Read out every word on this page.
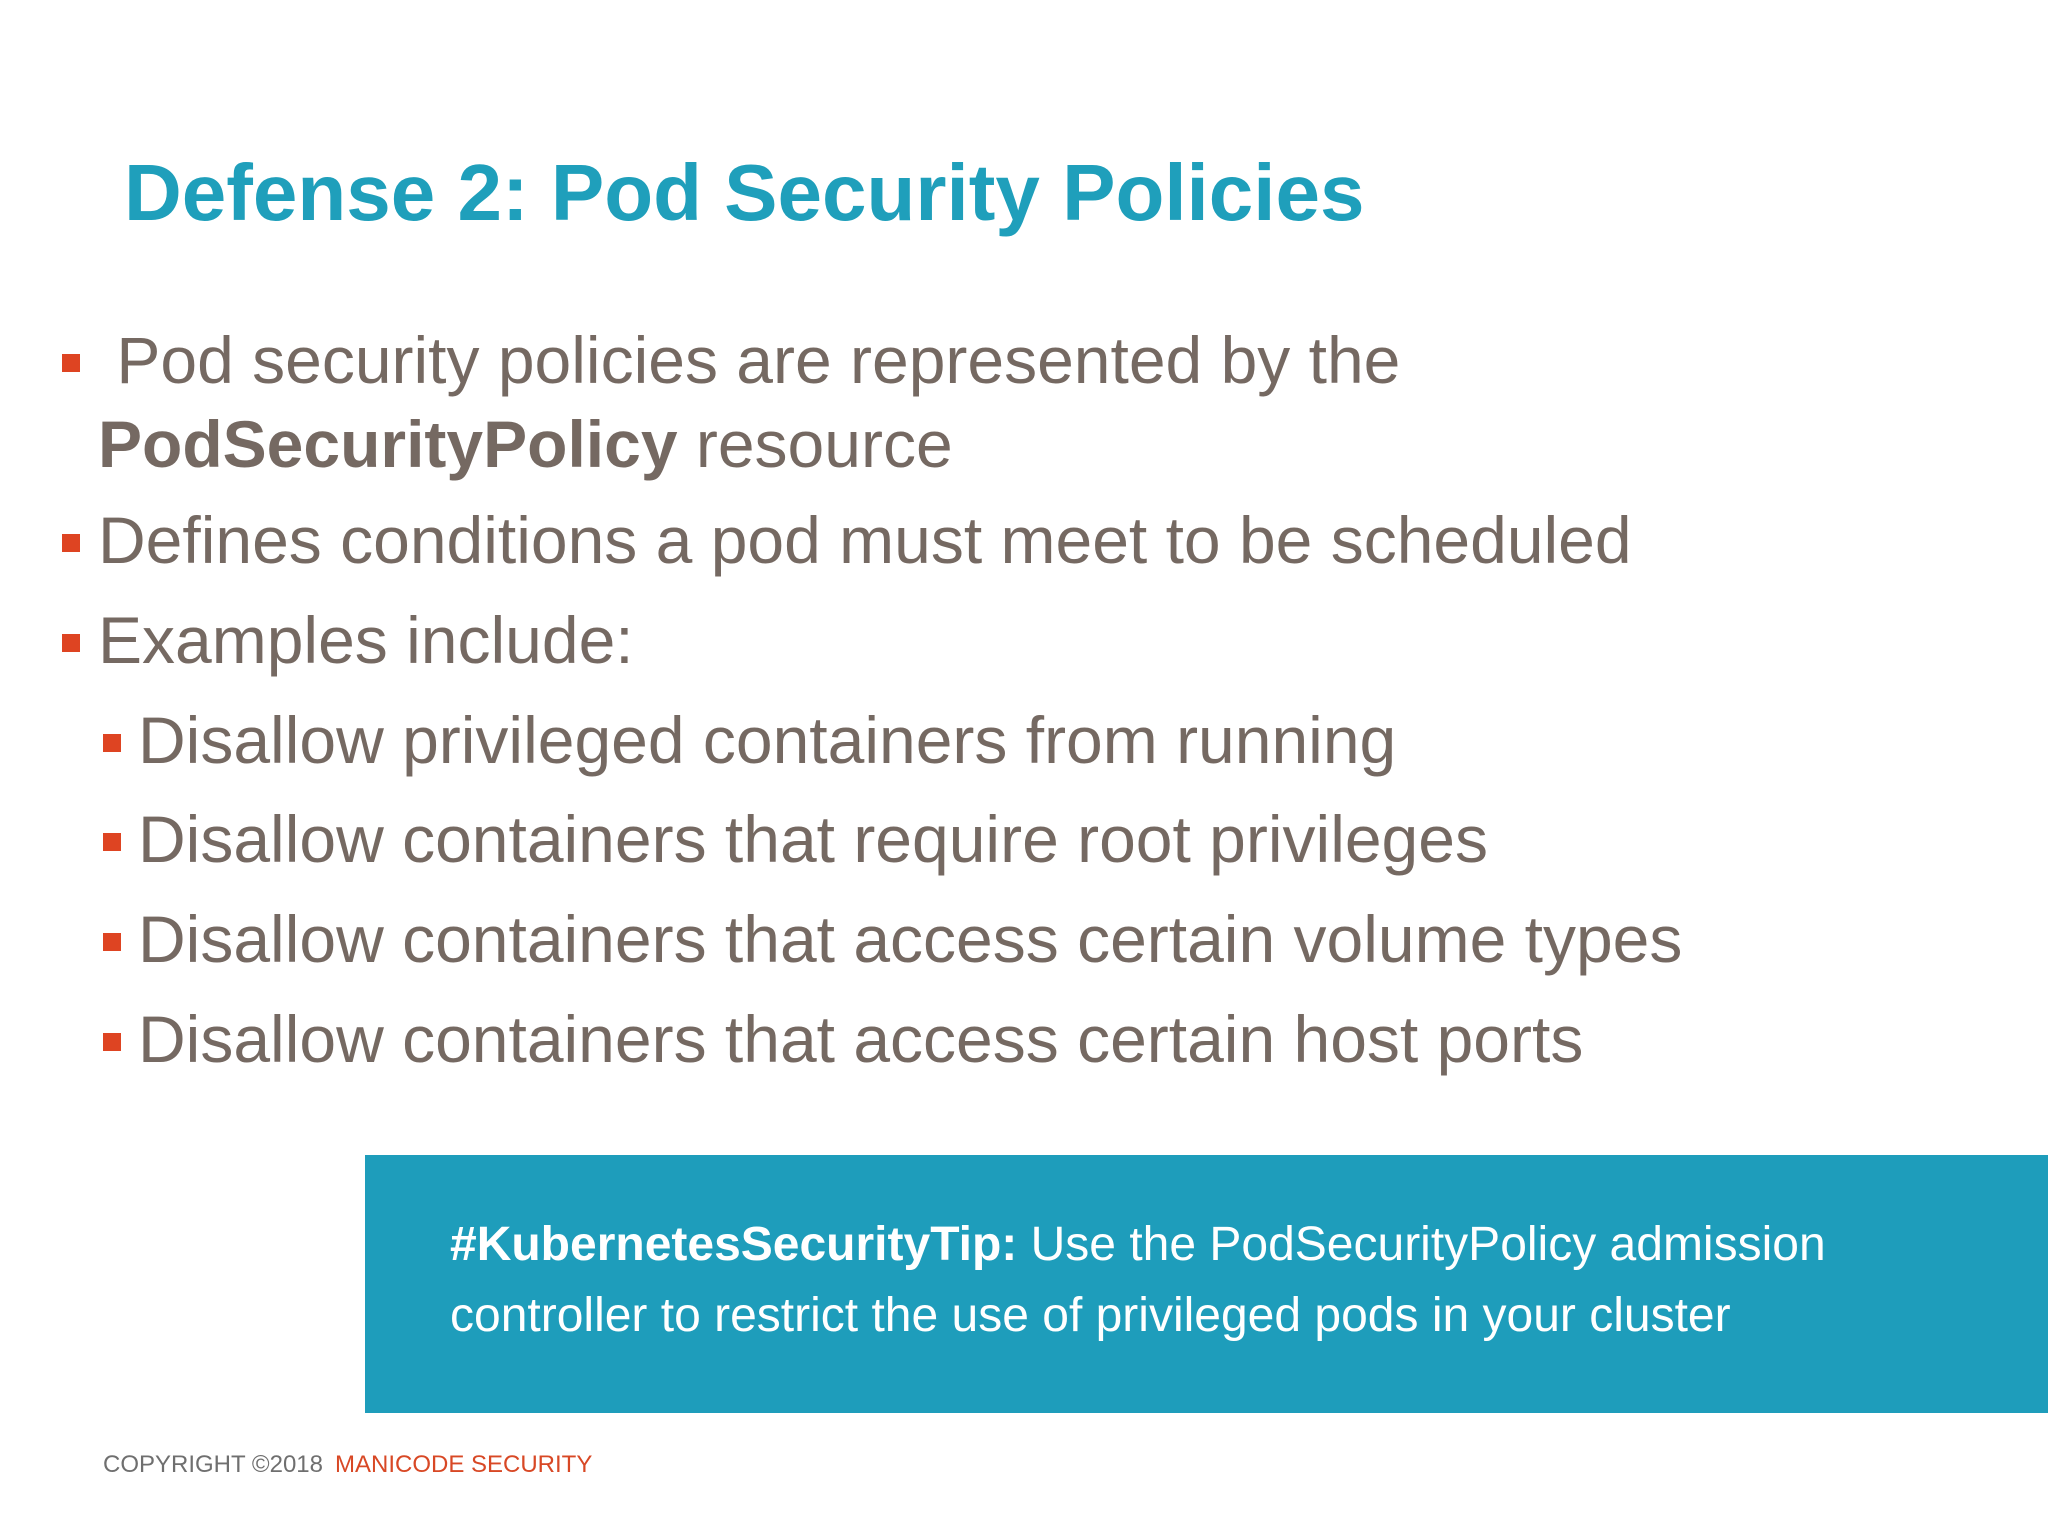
Defense 2: Pod Security Policies
Pod security policies are represented by the
PodSecurityPolicy resource
Defines conditions a pod must meet to be scheduled
Examples include:
Disallow privileged containers from running
Disallow containers that require root privileges
Disallow containers that access certain volume types
Disallow containers that access certain host ports

#KubernetesSecurityTip: Use the PodSecurityPolicy admission
controller to restrict the use of privileged pods in your cluster

COPYRIGHT ©2018 MANICODE SECURITY
